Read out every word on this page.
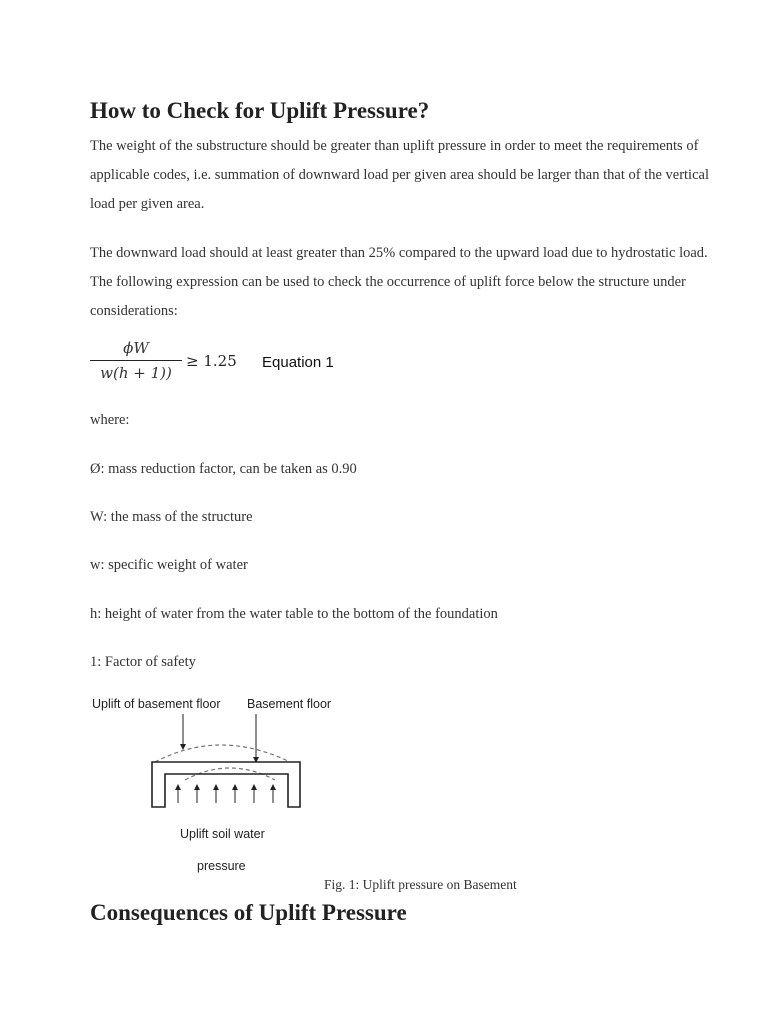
How to Check for Uplift Pressure?

The weight of the substructure should be greater than uplift pressure in order to meet the requirements of applicable codes, i.e. summation of downward load per given area should be larger than that of the vertical load per given area.

The downward load should at least greater than 25% compared to the upward load due to hydrostatic load. The following expression can be used to check the occurrence of uplift force below the structure under considerations:

ϕW
w(h + 1))
≥ 1.25 Equation 1

where:

Ø: mass reduction factor, can be taken as 0.90

W: the mass of the structure

w: specific weight of water

h: height of water from the water table to the bottom of the foundation

1: Factor of safety

Uplift of basement floor Basement floor
Uplift soil water
pressure

Fig. 1: Uplift pressure on Basement

Consequences of Uplift Pressure
